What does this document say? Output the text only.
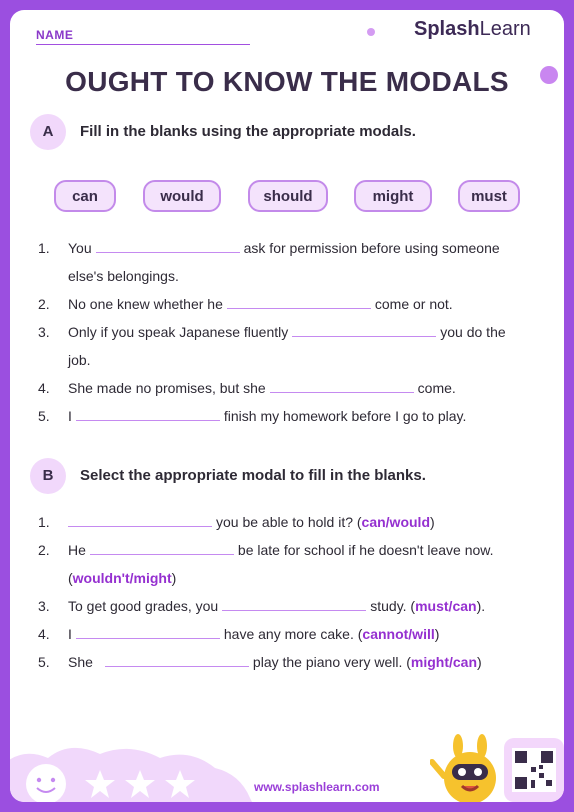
NAME	SplashLearn
OUGHT TO KNOW THE MODALS
A	Fill in the blanks using the appropriate modals.
can	would	should	might	must
1. You	ask for permission before using someone
else's belongings.
2. No one knew whether he	come or not.
3. Only if you speak Japanese fluently	you do the
job.
4. She made no promises, but she	come.
5. I	finish my homework before I go to play.
B	Select the appropriate modal to fill in the blanks.
1.	you be able to hold it? (can/would)
2. He	be late for school if he doesn't leave now.
(wouldn't/might)
3. To get good grades, you	study. (must/can).
4. I	have any more cake. (cannot/will)
5. She	play the piano very well. (might/can)
www.splashlearn.com
